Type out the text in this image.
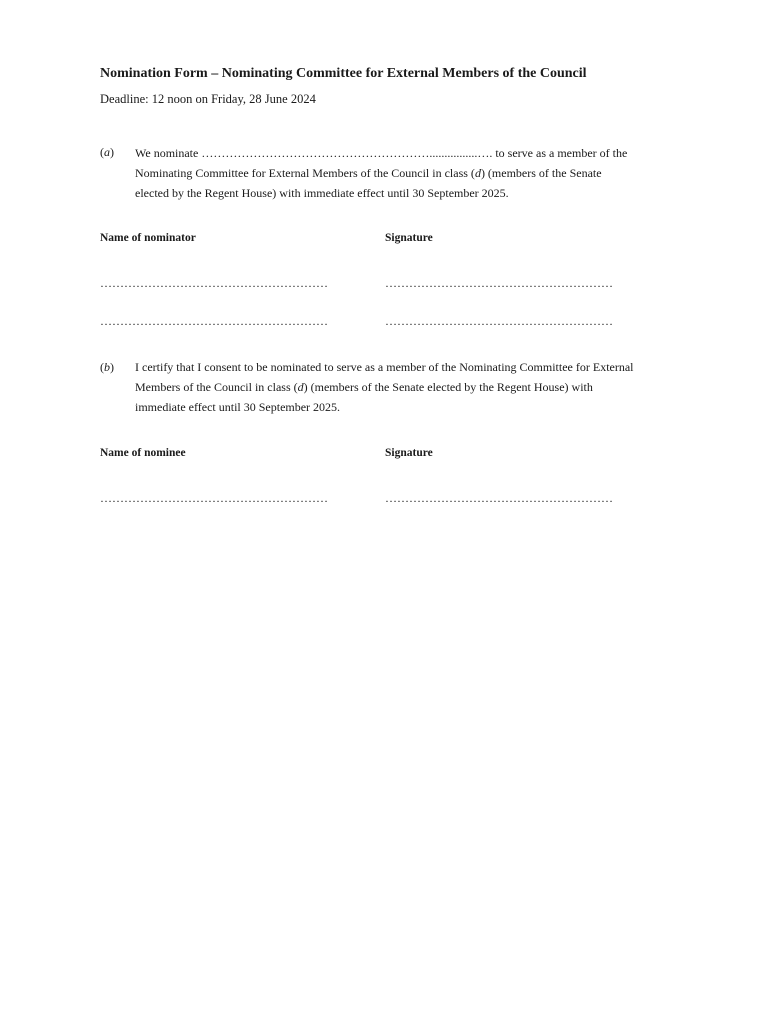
Nomination Form – Nominating Committee for External Members of the Council
Deadline: 12 noon on Friday, 28 June 2024
(a) We nominate …………………………………………………................…. to serve as a member of the
Nominating Committee for External Members of the Council in class (d) (members of the Senate
elected by the Regent House) with immediate effect until 30 September 2025.
Name of nominator	Signature
…………………………………………………	…………………………………………………
…………………………………………………	…………………………………………………
(b) I certify that I consent to be nominated to serve as a member of the Nominating Committee for External
Members of the Council in class (d) (members of the Senate elected by the Regent House) with
immediate effect until 30 September 2025.
Name of nominee	Signature
…………………………………………………	…………………………………………………
